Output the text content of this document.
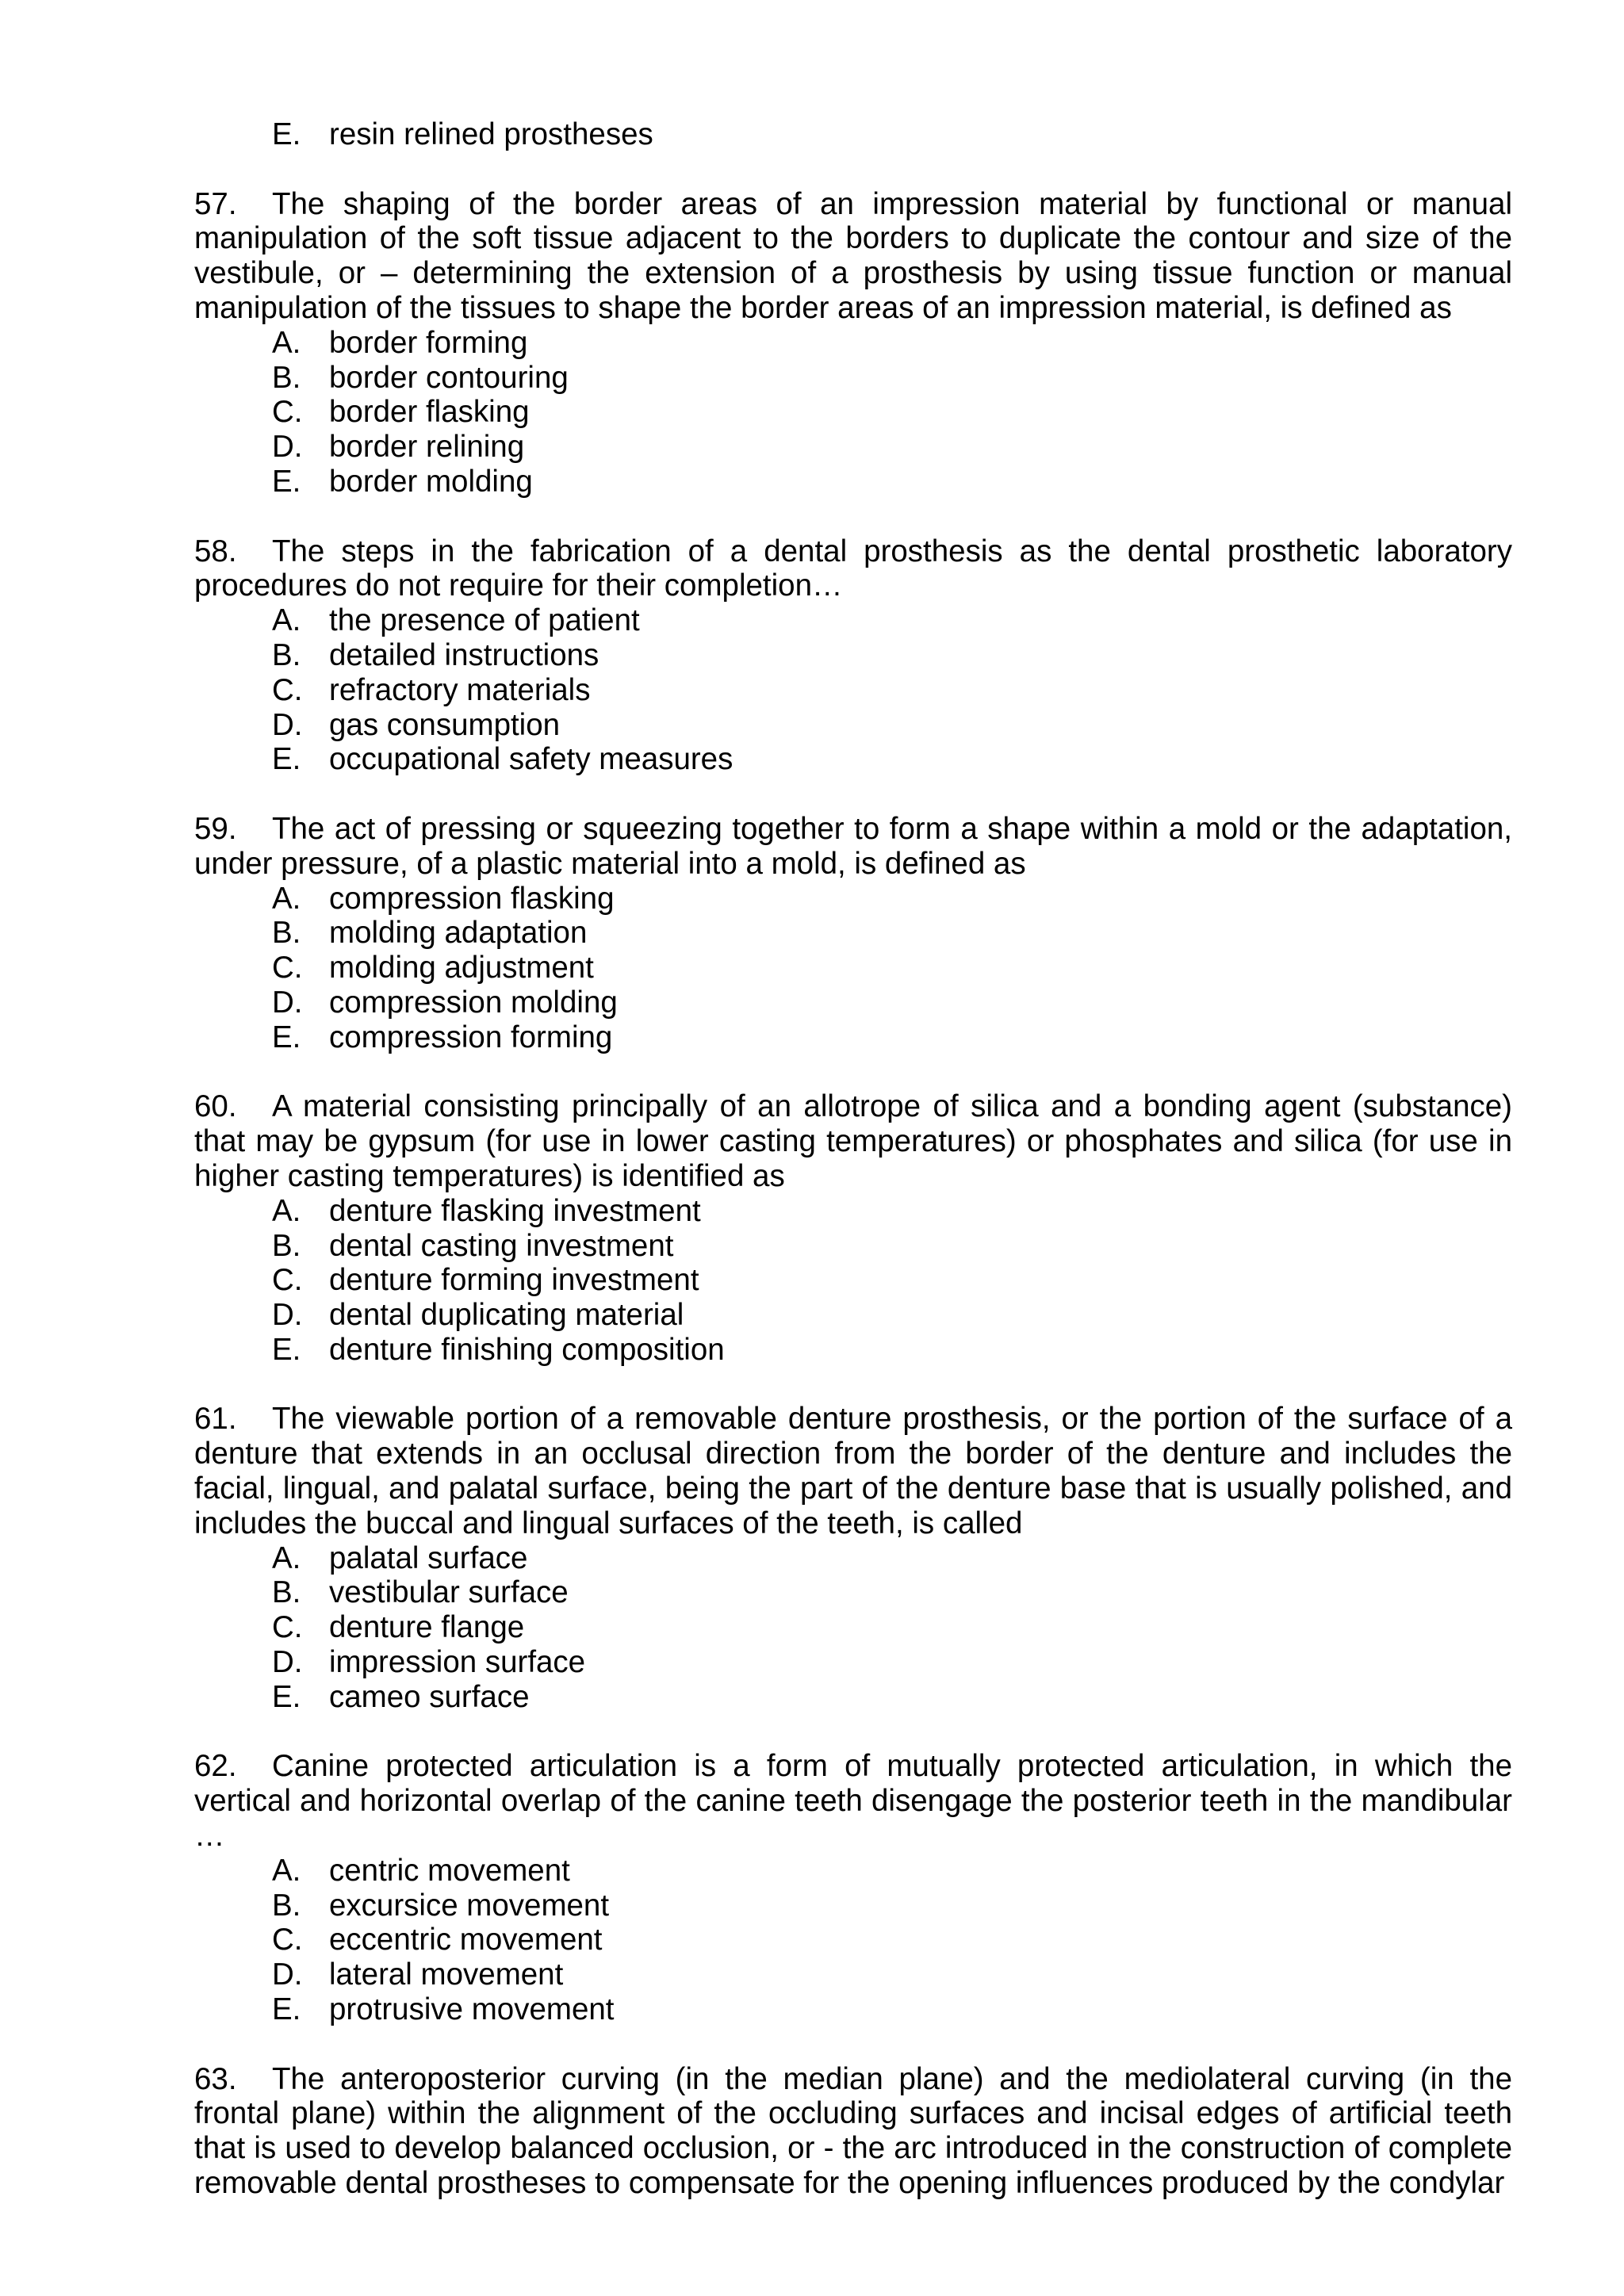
E. resin relined prostheses
57. The shaping of the border areas of an impression material by functional or manual manipulation of the soft tissue adjacent to the borders to duplicate the contour and size of the vestibule, or – determining the extension of a prosthesis by using tissue function or manual manipulation of the tissues to shape the border areas of an impression material, is defined as
A. border forming
B. border contouring
C. border flasking
D. border relining
E. border molding
58. The steps in the fabrication of a dental prosthesis as the dental prosthetic laboratory procedures do not require for their completion…
A. the presence of patient
B. detailed instructions
C. refractory materials
D. gas consumption
E. occupational safety measures
59. The act of pressing or squeezing together to form a shape within a mold or the adaptation, under pressure, of a plastic material into a mold, is defined as
A. compression flasking
B. molding adaptation
C. molding adjustment
D. compression molding
E. compression forming
60. A material consisting principally of an allotrope of silica and a bonding agent (substance) that may be gypsum (for use in lower casting temperatures) or phosphates and silica (for use in higher casting temperatures) is identified as
A. denture flasking investment
B. dental casting investment
C. denture forming investment
D. dental duplicating material
E. denture finishing composition
61. The viewable portion of a removable denture prosthesis, or the portion of the surface of a denture that extends in an occlusal direction from the border of the denture and includes the facial, lingual, and palatal surface, being the part of the denture base that is usually polished, and includes the buccal and lingual surfaces of the teeth, is called
A. palatal surface
B. vestibular surface
C. denture flange
D. impression surface
E. cameo surface
62. Canine protected articulation is a form of mutually protected articulation, in which the vertical and horizontal overlap of the canine teeth disengage the posterior teeth in the mandibular …
A. centric movement
B. excursice movement
C. eccentric movement
D. lateral movement
E. protrusive movement
63. The anteroposterior curving (in the median plane) and the mediolateral curving (in the frontal plane) within the alignment of the occluding surfaces and incisal edges of artificial teeth that is used to develop balanced occlusion, or - the arc introduced in the construction of complete removable dental prostheses to compensate for the opening influences produced by the condylar
